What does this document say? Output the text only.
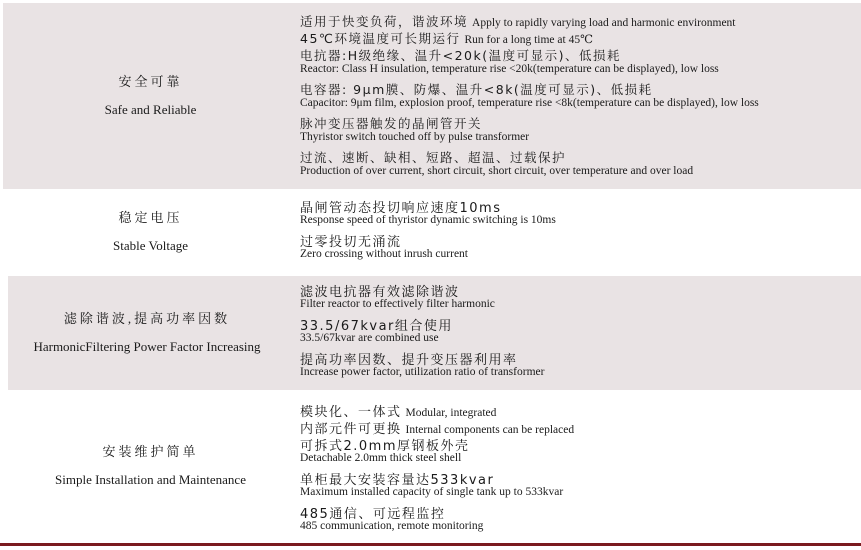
安全可靠
Safe and Reliable
适用于快变负荷，谐波环境 Apply to rapidly varying load and harmonic environment
45℃环境温度可长期运行 Run for a long time at 45℃
电抗器:H级绝缘、温升<20k(温度可显示)、低损耗
Reactor: Class H insulation, temperature rise <20k(temperature can be displayed), low loss
电容器: 9μm膜、防爆、温升<8k(温度可显示)、低损耗
Capacitor: 9μm film, explosion proof, temperature rise <8k(temperature can be displayed), low loss
脉冲变压器触发的晶闸管开关
Thyristor switch touched off by pulse transformer
过流、速断、缺相、短路、超温、过载保护
Production of over current, short circuit, short circuit, over temperature and over load
稳定电压
Stable Voltage
晶闸管动态投切响应速度10ms
Response speed of thyristor dynamic switching is 10ms
过零投切无涌流
Zero crossing without inrush current
滤除谐波,提高功率因数
HarmonicFiltering Power Factor Increasing
滤波电抗器有效滤除谐波
Filter reactor to effectively filter harmonic
33.5/67kvar组合使用
33.5/67kvar are combined use
提高功率因数、提升变压器利用率
Increase power factor, utilization ratio of transformer
安装维护简单
Simple Installation and Maintenance
模块化、一体式 Modular, integrated
内部元件可更换 Internal components can be replaced
可拆式2.0mm厚钢板外壳
Detachable 2.0mm thick steel shell
单柜最大安装容量达533kvar
Maximum installed capacity of single tank up to 533kvar
485通信、可远程监控
485 communication, remote monitoring
